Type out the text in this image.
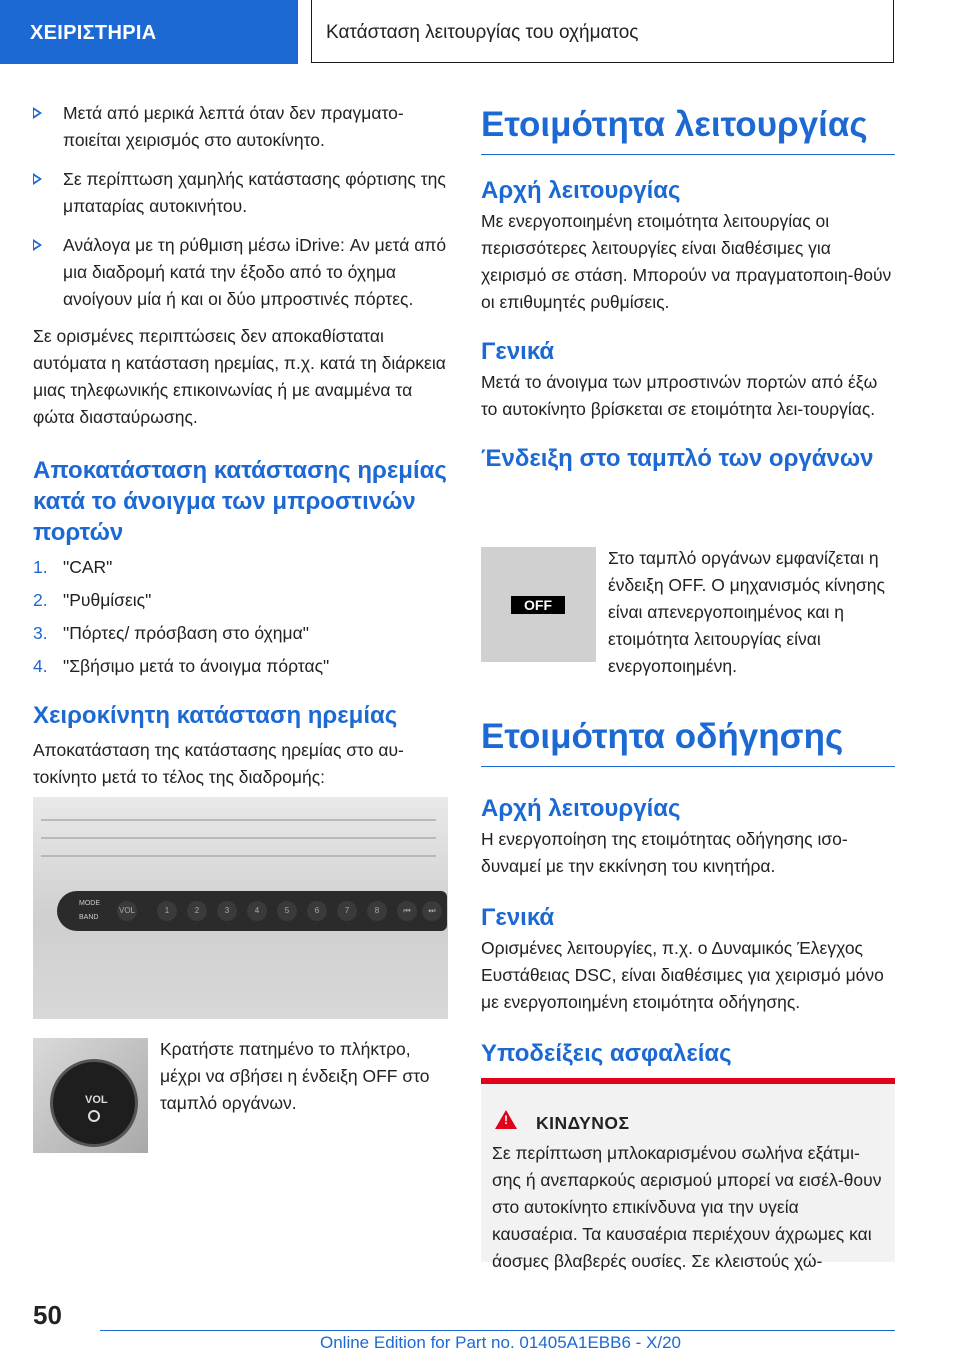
ΧΕΙΡΙΣΤΗΡΙΑ	Κατάσταση λειτουργίας του οχήματος
Μετά από μερικά λεπτά όταν δεν πραγματο-ποιείται χειρισμός στο αυτοκίνητο.
Σε περίπτωση χαμηλής κατάστασης φόρτισης της μπαταρίας αυτοκινήτου.
Ανάλογα με τη ρύθμιση μέσω iDrive: Αν μετά από μια διαδρομή κατά την έξοδο από το όχημα ανοίγουν μία ή και οι δύο μπροστινές πόρτες.

Σε ορισμένες περιπτώσεις δεν αποκαθίσταται αυτόματα η κατάσταση ηρεμίας, π.χ. κατά τη διάρκεια μιας τηλεφωνικής επικοινωνίας ή με αναμμένα τα φώτα διασταύρωσης.

Αποκατάσταση κατάστασης ηρεμίας κατά το άνοιγμα των μπροστινών πορτών
1. "CAR"
2. "Ρυθμίσεις"
3. "Πόρτες/ πρόσβαση στο όχημα"
4. "Σβήσιμο μετά το άνοιγμα πόρτας"
Χειροκίνητη κατάσταση ηρεμίας

Αποκατάσταση της κατάστασης ηρεμίας στο αυ-τοκίνητο μετά το τέλος της διαδρομής:

MODE
BAND
VOL	1	2	3	4	5	6	7	8	⏮	⏭
VOL

Κρατήστε πατημένο το πλήκτρο, μέχρι να σβήσει η ένδειξη OFF στο ταμπλό οργάνων.

Ετοιμότητα λειτουργίας
Αρχή λειτουργίας

Με ενεργοποιημένη ετοιμότητα λειτουργίας οι περισσότερες λειτουργίες είναι διαθέσιμες για χειρισμό σε στάση. Μπορούν να πραγματοποιη-θούν οι επιθυμητές ρυθμίσεις.

Γενικά

Μετά το άνοιγμα των μπροστινών πορτών από έξω το αυτοκίνητο βρίσκεται σε ετοιμότητα λει-τουργίας.

Ένδειξη στο ταμπλό των οργάνων
OFF

Στο ταμπλό οργάνων εμφανίζεται η ένδειξη OFF. Ο μηχανισμός κίνησης είναι απενεργοποιημένος και η ετοιμότητα λειτουργίας είναι ενεργοποιημένη.

Ετοιμότητα οδήγησης
Αρχή λειτουργίας

Η ενεργοποίηση της ετοιμότητας οδήγησης ισο-δυναμεί με την εκκίνηση του κινητήρα.

Γενικά

Ορισμένες λειτουργίες, π.χ. ο Δυναμικός Έλεγχος Ευστάθειας DSC, είναι διαθέσιμες για χειρισμό μόνο με ενεργοποιημένη ετοιμότητα οδήγησης.

Υποδείξεις ασφαλείας
!
ΚΙΝΔΥΝΟΣ
Σε περίπτωση μπλοκαρισμένου σωλήνα εξάτμι-σης ή ανεπαρκούς αερισμού μπορεί να εισέλ-θουν στο αυτοκίνητο επικίνδυνα για την υγεία καυσαέρια. Τα καυσαέρια περιέχουν άχρωμες και άοσμες βλαβερές ουσίες. Σε κλειστούς χώ-
50
Online Edition for Part no. 01405A1EBB6 - X/20
